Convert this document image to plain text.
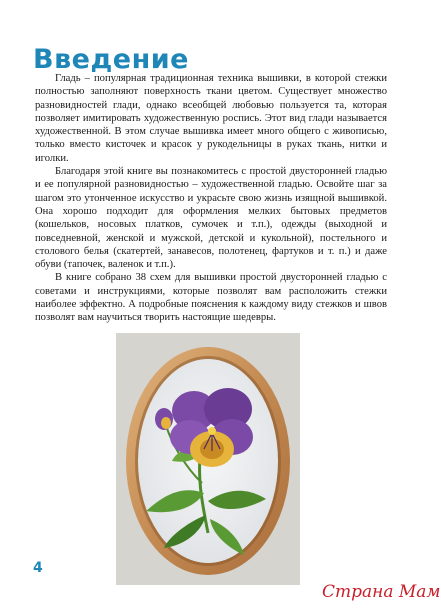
Введение

Гладь – популярная традиционная техника вышивки, в которой стежки полностью заполняют поверхность ткани цветом. Существует множество разновидностей глади, однако всеобщей любовью пользуется та, которая позволяет имитировать художественную роспись. Этот вид глади называется художественной. В этом случае вышивка имеет много общего с живописью, только вместо кисточек и красок у рукодельницы в руках ткань, нитки и иголки.

Благодаря этой книге вы познакомитесь с простой двусторонней гладью и ее популярной разновидностью – художественной гладью. Освойте шаг за шагом это утонченное искусство и украсьте свою жизнь изящной вышивкой. Она хорошо подходит для оформления мелких бытовых предметов (кошельков, носовых платков, сумочек и т.п.), одежды (выходной и повседневной, женской и мужской, детской и кукольной), постельного и столового белья (скатертей, занавесов, полотенец, фартуков и т. п.) и даже обуви (тапочек, валенок и т.п.).

В книге собрано 38 схем для вышивки простой двусторонней гладью с советами и инструкциями, которые позволят вам расположить стежки наиболее эффектно. А подробные пояснения к каждому виду стежков и швов позволят вам научиться творить настоящие шедевры.

4
Страна Мам
